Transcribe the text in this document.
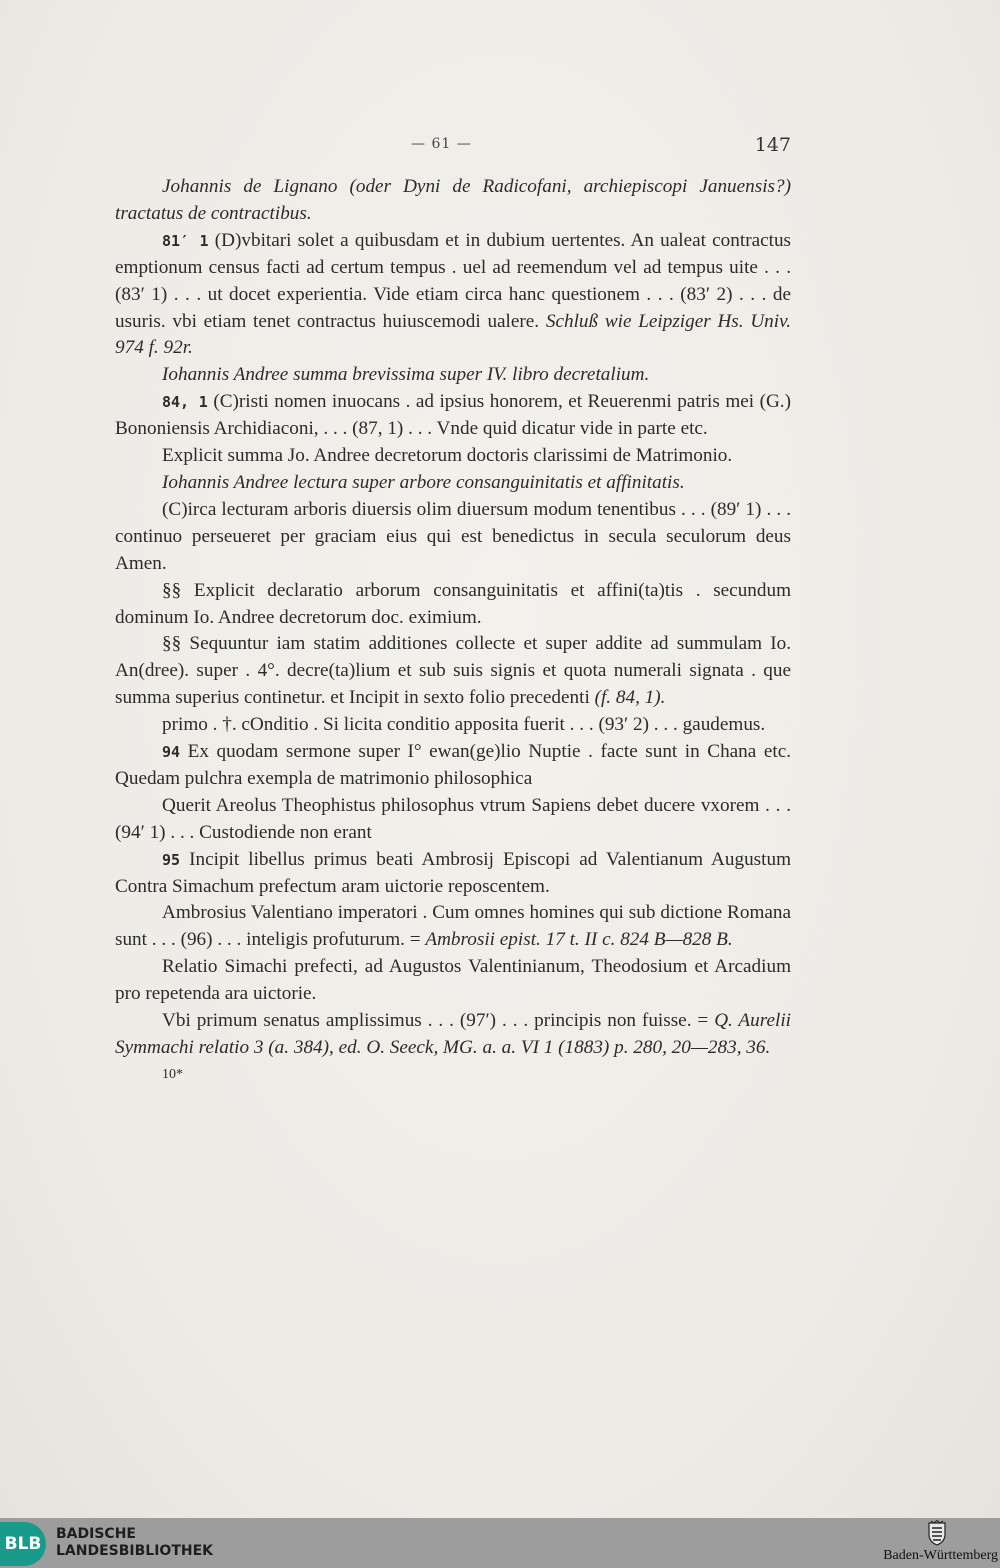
— 61 —	147

Johannis de Lignano (oder Dyni de Radicofani, archiepiscopi Januensis?) tractatus de contractibus.

81′ 1 (D)vbitari solet a quibusdam et in dubium uertentes. An ualeat contractus emptionum census facti ad certum tempus . uel ad reemendum vel ad tempus uite . . . (83′ 1) . . . ut docet experientia. Vide etiam circa hanc questionem . . . (83′ 2) . . . de usuris. vbi etiam tenet contractus huiuscemodi ualere. Schluß wie Leipziger Hs. Univ. 974 f. 92r.

Iohannis Andree summa brevissima super IV. libro decretalium.

84, 1 (C)risti nomen inuocans . ad ipsius honorem, et Reuerenmi patris mei (G.) Bononiensis Archidiaconi, . . . (87, 1) . . . Vnde quid dicatur vide in parte etc.

Explicit summa Jo. Andree decretorum doctoris clarissimi de Matrimonio.

Iohannis Andree lectura super arbore consanguinitatis et affinitatis.

(C)irca lecturam arboris diuersis olim diuersum modum tenentibus . . . (89′ 1) . . . continuo perseueret per graciam eius qui est benedictus in secula seculorum deus Amen.

§§ Explicit declaratio arborum consanguinitatis et affini(ta)tis . secundum dominum Io. Andree decretorum doc. eximium.

§§ Sequuntur iam statim additiones collecte et super addite ad summulam Io. An(dree). super . 4°. decre(ta)lium et sub suis signis et quota numerali signata . que summa superius continetur. et Incipit in sexto folio precedenti (f. 84, 1).

primo . †. cOnditio . Si licita conditio apposita fuerit . . . (93′ 2) . . . gaudemus.

94 Ex quodam sermone super I° ewan(ge)lio Nuptie . facte sunt in Chana etc. Quedam pulchra exempla de matrimonio philosophica

Querit Areolus Theophistus philosophus vtrum Sapiens debet ducere vxorem . . . (94′ 1) . . . Custodiende non erant

95 Incipit libellus primus beati Ambrosij Episcopi ad Valentianum Augustum Contra Simachum prefectum aram uictorie reposcentem.

Ambrosius Valentiano imperatori . Cum omnes homines qui sub dictione Romana sunt . . . (96) . . . inteligis profuturum. = Ambrosii epist. 17 t. II c. 824 B—828 B.

Relatio Simachi prefecti, ad Augustos Valentinianum, Theodosium et Arcadium pro repetenda ara uictorie.

Vbi primum senatus amplissimus . . . (97′) . . . principis non fuisse. = Q. Aurelii Symmachi relatio 3 (a. 384), ed. O. Seeck, MG. a. a. VI 1 (1883) p. 280, 20—283, 36.

10*

BLB	BADISCHE
LANDESBIBLIOTHEK	Baden-Württemberg
